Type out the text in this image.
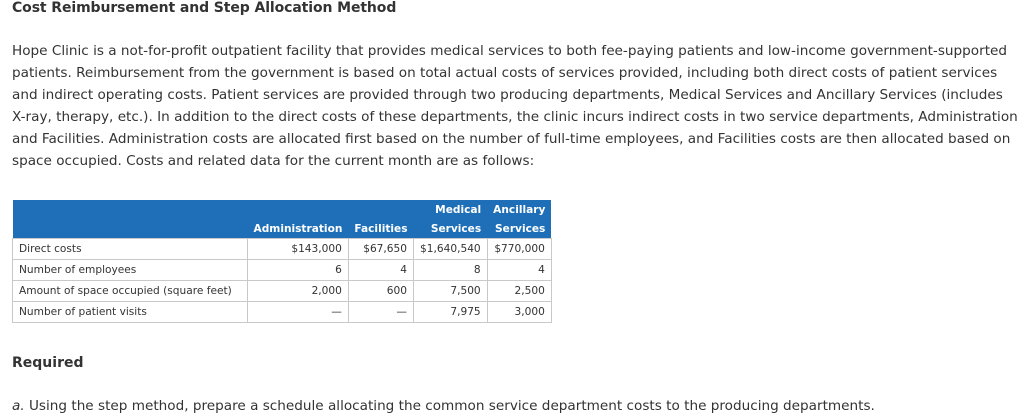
Cost Reimbursement and Step Allocation Method
Hope Clinic is a not-for-profit outpatient facility that provides medical services to both fee-paying patients and low-income government-supported patients. Reimbursement from the government is based on total actual costs of services provided, including both direct costs of patient services and indirect operating costs. Patient services are provided through two producing departments, Medical Services and Ancillary Services (includes X-ray, therapy, etc.). In addition to the direct costs of these departments, the clinic incurs indirect costs in two service departments, Administration and Facilities. Administration costs are allocated first based on the number of full-time employees, and Facilities costs are then allocated based on space occupied. Costs and related data for the current month are as follows:
			Medical	Ancillary
	Administration	Facilities	Services	Services
Direct costs	$143,000	$67,650	$1,640,540	$770,000
Number of employees	6	4	8	4
Amount of space occupied (square feet)	2,000	600	7,500	2,500
Number of patient visits	—	—	7,975	3,000
Required
a. Using the step method, prepare a schedule allocating the common service department costs to the producing departments.
